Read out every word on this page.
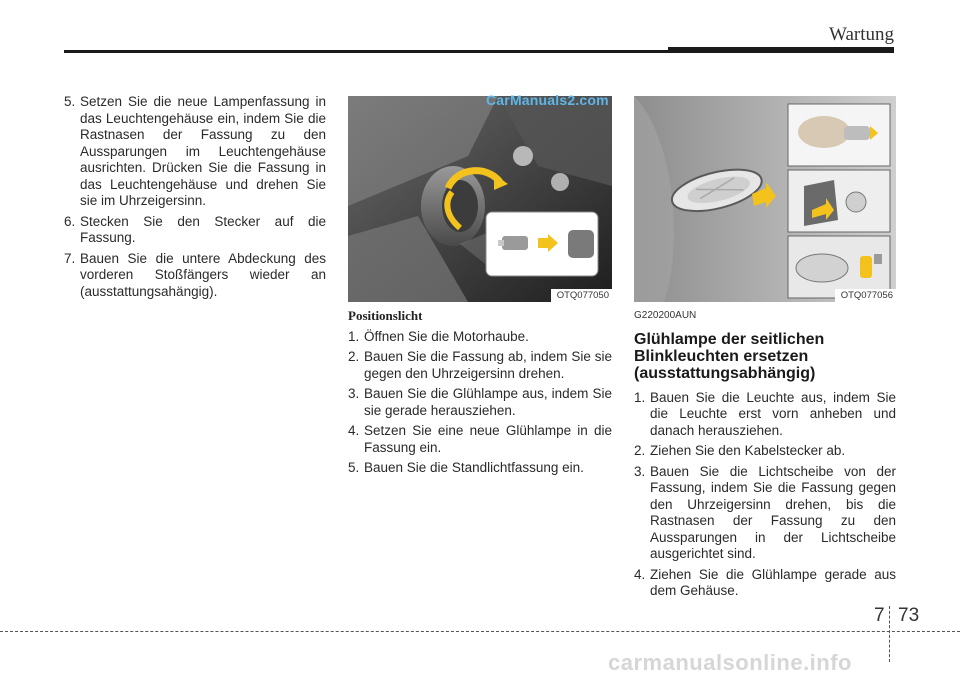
Wartung
5. Setzen Sie die neue Lampenfassung in das Leuchtengehäuse ein, indem Sie die Rastnasen der Fassung zu den Aussparungen im Leuchtengehäuse ausrichten. Drücken Sie die Fassung in das Leuchtengehäuse und drehen Sie sie im Uhrzeigersinn.
6. Stecken Sie den Stecker auf die Fassung.
7. Bauen Sie die untere Abdeckung des vorderen Stoßfängers wieder an (ausstattungsahängig).	OTQ077050
CarManuals2.com
OTQ077056
Positionslicht
1. Öffnen Sie die Motorhaube.
2. Bauen Sie die Fassung ab, indem Sie sie gegen den Uhrzeigersinn drehen.
3. Bauen Sie die Glühlampe aus, indem Sie sie gerade herausziehen.
4. Setzen Sie eine neue Glühlampe in die Fassung ein.
5. Bauen Sie die Standlichtfassung ein.
G220200AUN
Glühlampe der seitlichen Blinkleuchten ersetzen (ausstattungsabhängig)
1. Bauen Sie die Leuchte aus, indem Sie die Leuchte erst vorn anheben und danach herausziehen.
2. Ziehen Sie den Kabelstecker ab.
3. Bauen Sie die Lichtscheibe von der Fassung, indem Sie die Fassung gegen den Uhrzeigersinn drehen, bis die Rastnasen der Fassung zu den Aussparungen in der Lichtscheibe ausgerichtet sind.
4. Ziehen Sie die Glühlampe gerade aus dem Gehäuse.
7 73
carmanualsonline.info
